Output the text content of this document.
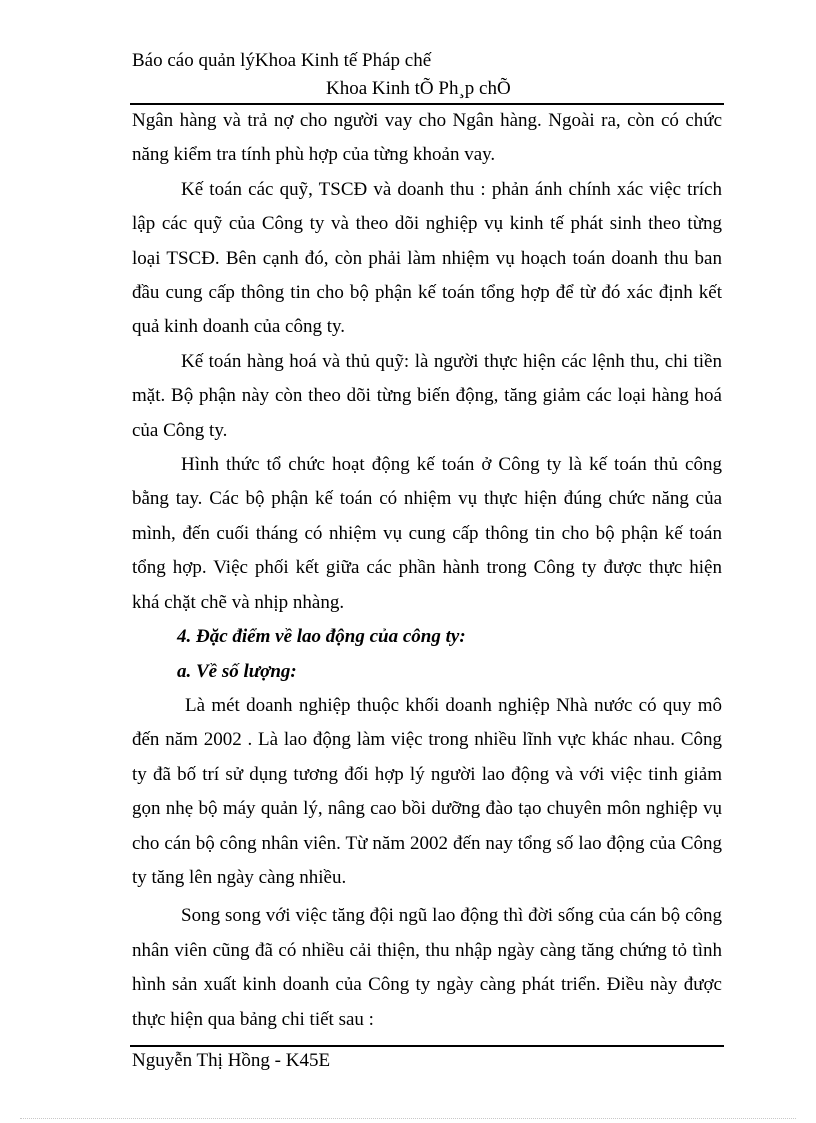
Báo cáo quản lýKhoa Kinh tế Pháp chế
Khoa Kinh tÕ Ph¸p chÕ

Ngân hàng và trả nợ cho người vay cho Ngân hàng. Ngoài ra, còn có chức năng kiểm tra tính phù hợp của từng khoản vay.

Kế toán các quỹ, TSCĐ và doanh thu : phản ánh chính xác việc trích lập các quỹ của Công ty và theo dõi nghiệp vụ kinh tế phát sinh theo từng loại TSCĐ. Bên cạnh đó, còn phải làm nhiệm vụ hoạch toán doanh thu ban đầu cung cấp thông tin cho bộ phận kế toán tổng hợp để từ đó xác định kết quả kinh doanh của công ty.

Kế toán hàng hoá và thủ quỹ: là người thực hiện các lệnh thu, chi tiền mặt. Bộ phận này còn theo dõi từng biến động, tăng giảm các loại hàng hoá của Công ty.

Hình thức tổ chức hoạt động kế toán ở Công ty là kế toán thủ công bằng tay. Các bộ phận kế toán có nhiệm vụ thực hiện đúng chức năng của mình, đến cuối tháng có nhiệm vụ cung cấp thông tin cho bộ phận kế toán tổng hợp. Việc phối kết giữa các phần hành trong Công ty được thực hiện khá chặt chẽ và nhịp nhàng.

4. Đặc điểm về lao động của công ty:

a. Về số lượng:

Là mét doanh nghiệp thuộc khối doanh nghiệp Nhà nước có quy mô đến năm 2002 . Là lao động làm việc trong nhiều lĩnh vực khác nhau. Công ty đã bố trí sử dụng tương đối hợp lý người lao động và với việc tinh giảm gọn nhẹ bộ máy quản lý, nâng cao bồi dưỡng đào tạo chuyên môn nghiệp vụ cho cán bộ công nhân viên. Từ năm 2002 đến nay tổng số lao động của Công ty tăng lên ngày càng nhiều.

Song song với việc tăng đội ngũ lao động thì đời sống của cán bộ công nhân viên cũng đã có nhiều cải thiện, thu nhập ngày càng tăng chứng tỏ tình hình sản xuất kinh doanh của Công ty ngày càng phát triển. Điều này được thực hiện qua bảng chi tiết sau :

Nguyễn Thị Hồng - K45E
